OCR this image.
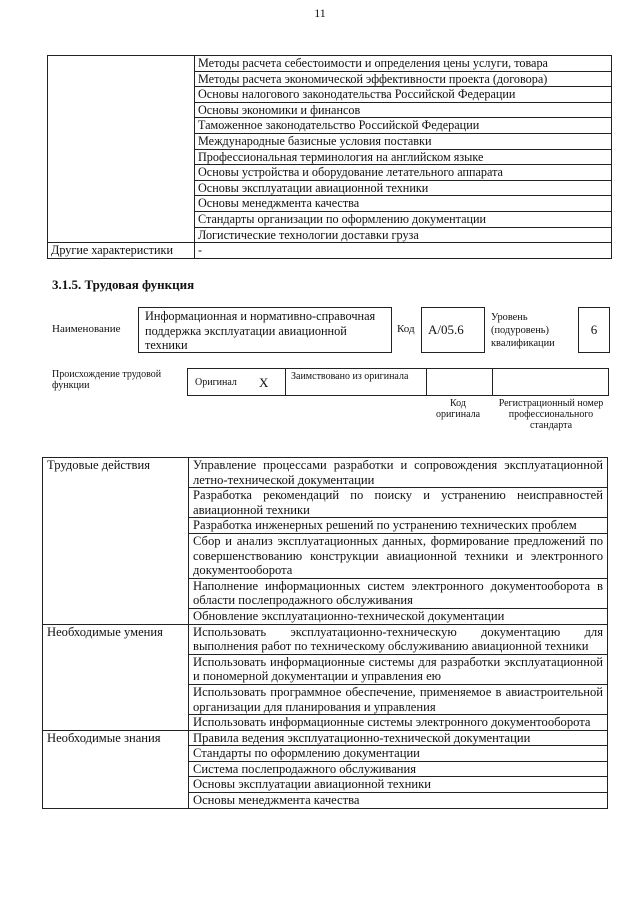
11
	Методы расчета себестоимости и определения цены услуги, товара
	Методы расчета экономической эффективности проекта (договора)
	Основы налогового законодательства Российской Федерации
	Основы экономики и финансов
	Таможенное законодательство Российской Федерации
	Международные базисные условия поставки
	Профессиональная терминология на английском языке
	Основы устройства и оборудование летательного аппарата
	Основы эксплуатации авиационной техники
	Основы менеджмента качества
	Стандарты организации по оформлению документации
	Логистические технологии доставки груза
Другие характеристики	-
3.1.5. Трудовая функция
Наименование
Информационная и нормативно-справочная поддержка эксплуатации авиационной техники
Код	A/05.6
Уровень (подуровень) квалификации
6
Происхождение трудовой функции	Оригинал X Заимствовано из оригинала
Код оригинала
Регистрационный номер профессионального стандарта
Трудовые действия	Управление процессами разработки и сопровождения эксплуатационной летно-технической документации
	Разработка рекомендаций по поиску и устранению неисправностей авиационной техники
	Разработка инженерных решений по устранению технических проблем
	Сбор и анализ эксплуатационных данных, формирование предложений по совершенствованию конструкции авиационной техники и электронного документооборота
	Наполнение информационных систем электронного документооборота в области послепродажного обслуживания
	Обновление эксплуатационно-технической документации
Необходимые умения	Использовать эксплуатационно-техническую документацию для выполнения работ по техническому обслуживанию авиационной техники
	Использовать информационные системы для разработки эксплуатационной и пономерной документации и управления ею
	Использовать программное обеспечение, применяемое в авиастроительной организации для планирования и управления
	Использовать информационные системы электронного документооборота
Необходимые знания	Правила ведения эксплуатационно-технической документации
	Стандарты по оформлению документации
	Система послепродажного обслуживания
	Основы эксплуатации авиационной техники
	Основы менеджмента качества
